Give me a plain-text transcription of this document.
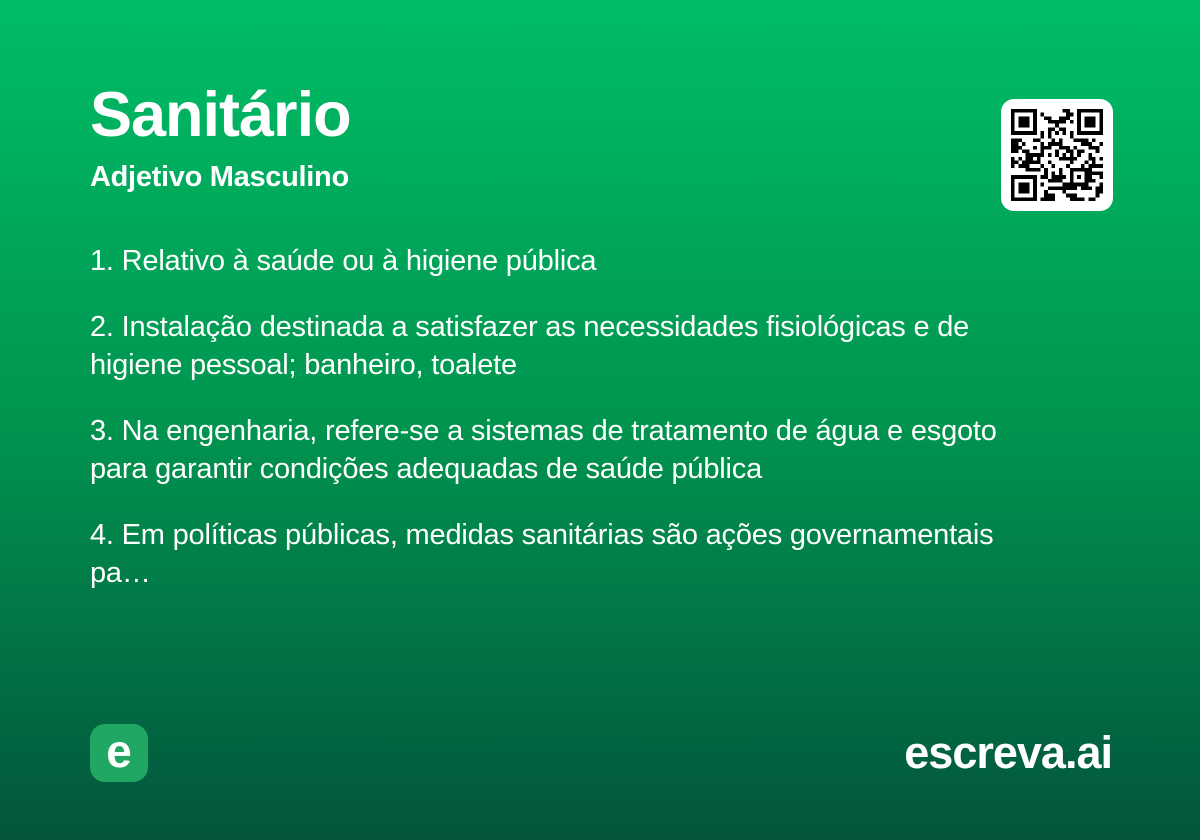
Sanitário
Adjetivo Masculino

1. Relativo à saúde ou à higiene pública

2. Instalação destinada a satisfazer as necessidades fisiológicas e de higiene pessoal; banheiro, toalete

3. Na engenharia, refere-se a sistemas de tratamento de água e esgoto para garantir condições adequadas de saúde pública

4. Em políticas públicas, medidas sanitárias são ações governamentais pa…

e	escreva.ai
